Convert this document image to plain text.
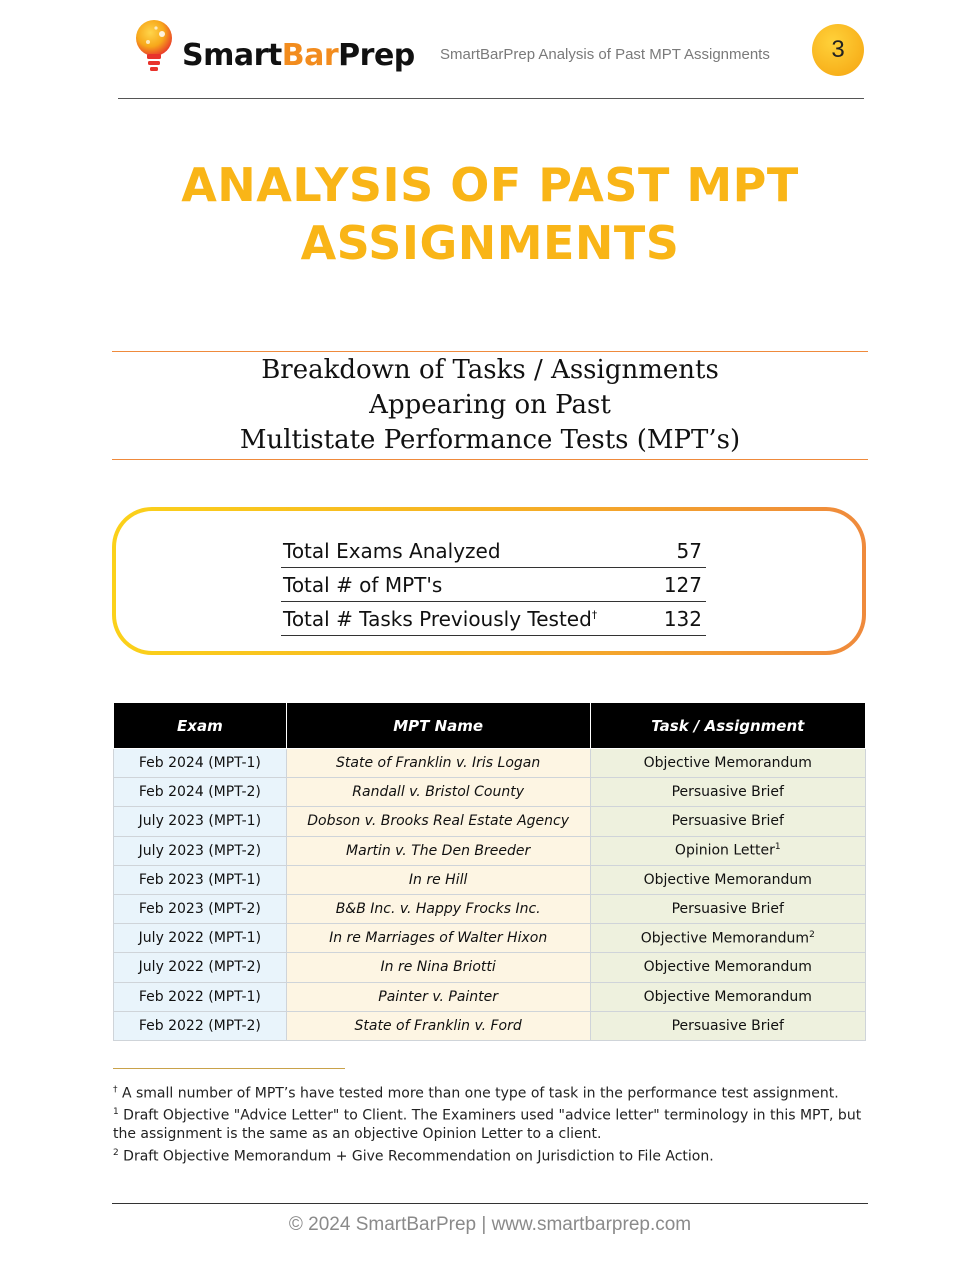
SmartBarPrep SmartBarPrep Analysis of Past MPT Assignments	3
ANALYSIS OF PAST MPT
ASSIGNMENTS
Breakdown of Tasks / Assignments
Appearing on Past
Multistate Performance Tests (MPT’s)
Total Exams Analyzed	57
Total # of MPT's	127
Total # Tasks Previously Tested†	132
Exam	MPT Name	Task / Assignment
Feb 2024 (MPT-1)	State of Franklin v. Iris Logan	Objective Memorandum
Feb 2024 (MPT-2)	Randall v. Bristol County	Persuasive Brief
July 2023 (MPT-1)	Dobson v. Brooks Real Estate Agency	Persuasive Brief
July 2023 (MPT-2)	Martin v. The Den Breeder	Opinion Letter$^1$
Feb 2023 (MPT-1)	In re Hill	Objective Memorandum
Feb 2023 (MPT-2)	B&B Inc. v. Happy Frocks Inc.	Persuasive Brief
July 2022 (MPT-1)	In re Marriages of Walter Hixon	Objective Memorandum$^2$
July 2022 (MPT-2)	In re Nina Briotti	Objective Memorandum
Feb 2022 (MPT-1)	Painter v. Painter	Objective Memorandum
Feb 2022 (MPT-2)	State of Franklin v. Ford	Persuasive Brief

† A small number of MPT’s have tested more than one type of task in the performance test assignment.

$^1$ Draft Objective "Advice Letter" to Client. The Examiners used "advice letter" terminology in this MPT, but the assignment is the same as an objective Opinion Letter to a client.

$^2$ Draft Objective Memorandum + Give Recommendation on Jurisdiction to File Action.

© 2024 SmartBarPrep | www.smartbarprep.com
